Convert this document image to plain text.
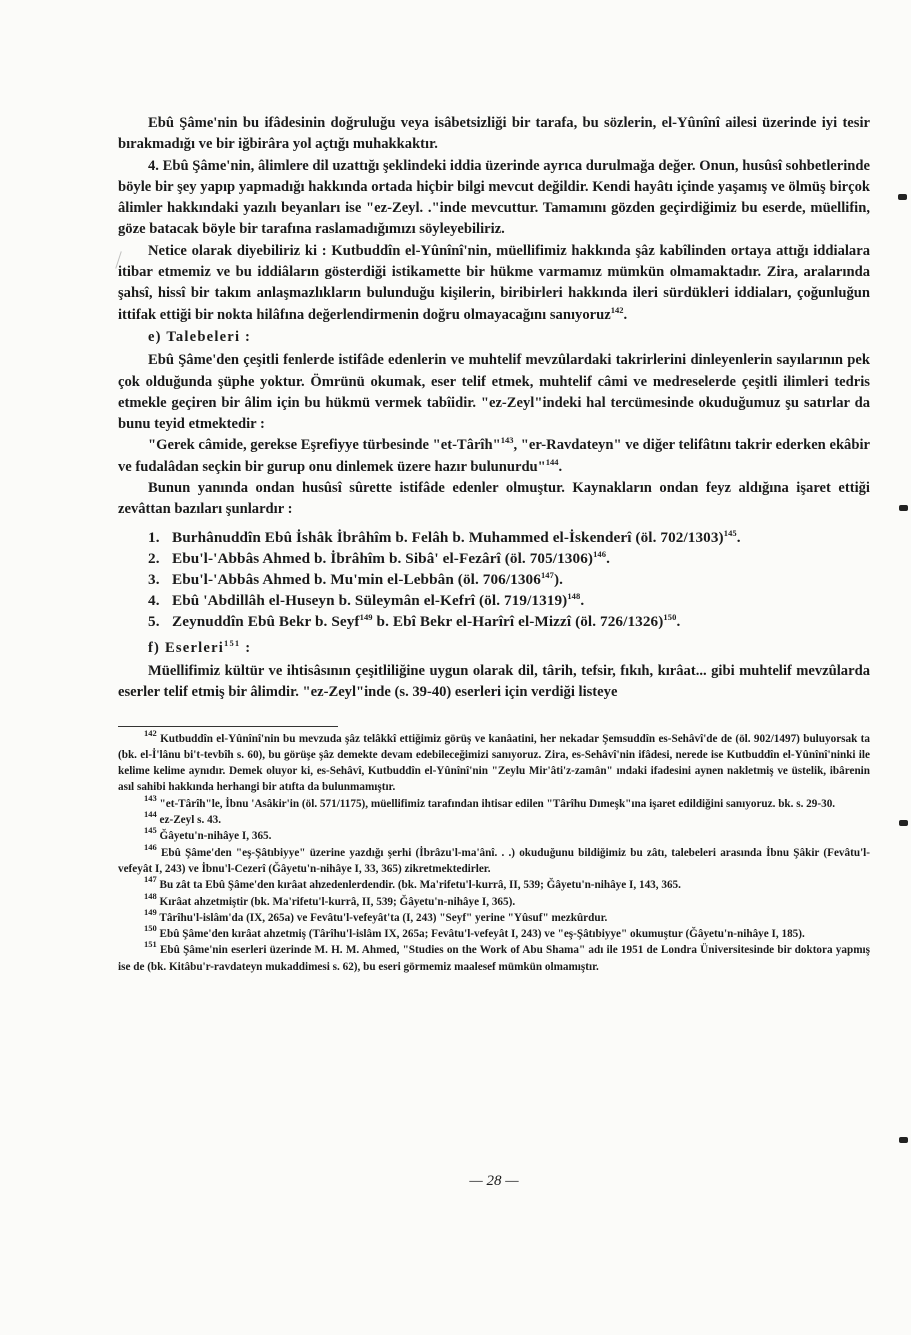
Ebû Şâme'nin bu ifâdesinin doğruluğu veya isâbetsizliği bir tarafa, bu sözlerin, el-Yûnînî ailesi üzerinde iyi tesir bırakmadığı ve bir iğbirâra yol açtığı muhakkaktır.

4. Ebû Şâme'nin, âlimlere dil uzattığı şeklindeki iddia üzerinde ayrıca durulmağa değer. Onun, husûsî sohbetlerinde böyle bir şey yapıp yapmadığı hakkında ortada hiçbir bilgi mevcut değildir. Kendi hayâtı içinde yaşamış ve ölmüş birçok âlimler hakkındaki yazılı beyanları ise "ez-Zeyl. ."inde mevcuttur. Tamamını gözden geçirdiğimiz bu eserde, müellifin, göze batacak böyle bir tarafına raslamadığımızı söyleyebiliriz.

Netice olarak diyebiliriz ki : Kutbuddîn el-Yûnînî'nin, müellifimiz hakkında şâz kabîlinden ortaya attığı iddialara itibar etmemiz ve bu iddiâların gösterdiği istikamette bir hükme varmamız mümkün olmamaktadır. Zira, aralarında şahsî, hissî bir takım anlaşmazlıkların bulunduğu kişilerin, biribirleri hakkında ileri sürdükleri iddiaları, çoğunluğun ittifak ettiği bir nokta hilâfına değerlendirmenin doğru olmayacağını sanıyoruz$^{142}$.

e) Talebeleri :

Ebû Şâme'den çeşitli fenlerde istifâde edenlerin ve muhtelif mevzûlardaki takrirlerini dinleyenlerin sayılarının pek çok olduğunda şüphe yoktur. Ömrünü okumak, eser telif etmek, muhtelif câmi ve medreselerde çeşitli ilimleri tedris etmekle geçiren bir âlim için bu hükmü vermek tabîidir. "ez-Zeyl"indeki hal tercümesinde okuduğumuz şu satırlar da bunu teyid etmektedir :

"Gerek câmide, gerekse Eşrefiyye türbesinde "et-Târîh"$^{143}$, "er-Ravdateyn" ve diğer telifâtını takrir ederken ekâbir ve fudalâdan seçkin bir gurup onu dinlemek üzere hazır bulunurdu"$^{144}$.

Bunun yanında ondan husûsî sûrette istifâde edenler olmuştur. Kaynakların ondan feyz aldığına işaret ettiği zevâttan bazıları şunlardır :

1. Burhânuddîn Ebû İshâk İbrâhîm b. Felâh b. Muhammed el-İskenderî (öl. 702/1303)$^{145}$.
2. Ebu'l-'Abbâs Ahmed b. İbrâhîm b. Sibâ' el-Fezârî (öl. 705/1306)$^{146}$.
3. Ebu'l-'Abbâs Ahmed b. Mu'min el-Lebbân (öl. 706/1306$^{147}$).
4. Ebû 'Abdillâh el-Huseyn b. Süleymân el-Kefrî (öl. 719/1319)$^{148}$.
5. Zeynuddîn Ebû Bekr b. Seyf$^{149}$ b. Ebî Bekr el-Harîrî el-Mizzî (öl. 726/1326)$^{150}$.

f) Eserleri$^{151}$ :

Müellifimiz kültür ve ihtisâsının çeşitliliğine uygun olarak dil, târih, tefsir, fıkıh, kırâat... gibi muhtelif mevzûlarda eserler telif etmiş bir âlimdir. "ez-Zeyl"inde (s. 39-40) eserleri için verdiği listeye

$^{142}$ Kutbuddîn el-Yûnînî'nin bu mevzuda şâz telâkkî ettiğimiz görüş ve kanâatini, her nekadar Şemsuddîn es-Sehâvî'de de (öl. 902/1497) buluyorsak ta (bk. el-İ'lânu bi't-tevbîh s. 60), bu görüşe şâz demekte devam edebileceğimizi sanıyoruz. Zira, es-Sehâvî'nin ifâdesi, nerede ise Kutbuddîn el-Yûnînî'ninki ile kelime kelime aynıdır. Demek oluyor ki, es-Sehâvî, Kutbuddîn el-Yûnînî'nin "Zeylu Mir'âti'z-zamân" ındaki ifadesini aynen nakletmiş ve üstelik, ibârenin asıl sahibi hakkında herhangi bir atıfta da bulunmamıştır.

$^{143}$ "et-Târîh"le, İbnu 'Asâkir'in (öl. 571/1175), müellifimiz tarafından ihtisar edilen "Târîhu Dımeşk"ına işaret edildiğini sanıyoruz. bk. s. 29-30.

$^{144}$ ez-Zeyl s. 43.

$^{145}$ Ğâyetu'n-nihâye I, 365.

$^{146}$ Ebû Şâme'den "eş-Şâtıbiyye" üzerine yazdığı şerhi (İbrâzu'l-ma'ânî. . .) okuduğunu bildiğimiz bu zâtı, talebeleri arasında İbnu Şâkir (Fevâtu'l-vefeyât I, 243) ve İbnu'l-Cezerî (Ğâyetu'n-nihâye I, 33, 365) zikretmektedirler.

$^{147}$ Bu zât ta Ebû Şâme'den kırâat ahzedenlerdendir. (bk. Ma'rifetu'l-kurrâ, II, 539; Ğâyetu'n-nihâye I, 143, 365.

$^{148}$ Kırâat ahzetmiştir (bk. Ma'rifetu'l-kurrâ, II, 539; Ğâyetu'n-nihâye I, 365).

$^{149}$ Târîhu'l-islâm'da (IX, 265a) ve Fevâtu'l-vefeyât'ta (I, 243) "Seyf" yerine "Yûsuf" mezkûrdur.

$^{150}$ Ebû Şâme'den kırâat ahzetmiş (Târîhu'l-islâm IX, 265a; Fevâtu'l-vefeyât I, 243) ve "eş-Şâtıbiyye" okumuştur (Ğâyetu'n-nihâye I, 185).

$^{151}$ Ebû Şâme'nin eserleri üzerinde M. H. M. Ahmed, "Studies on the Work of Abu Shama" adı ile 1951 de Londra Üniversitesinde bir doktora yapmış ise de (bk. Kitâbu'r-ravdateyn mukaddimesi s. 62), bu eseri görmemiz maalesef mümkün olmamıştır.

— 28 —
